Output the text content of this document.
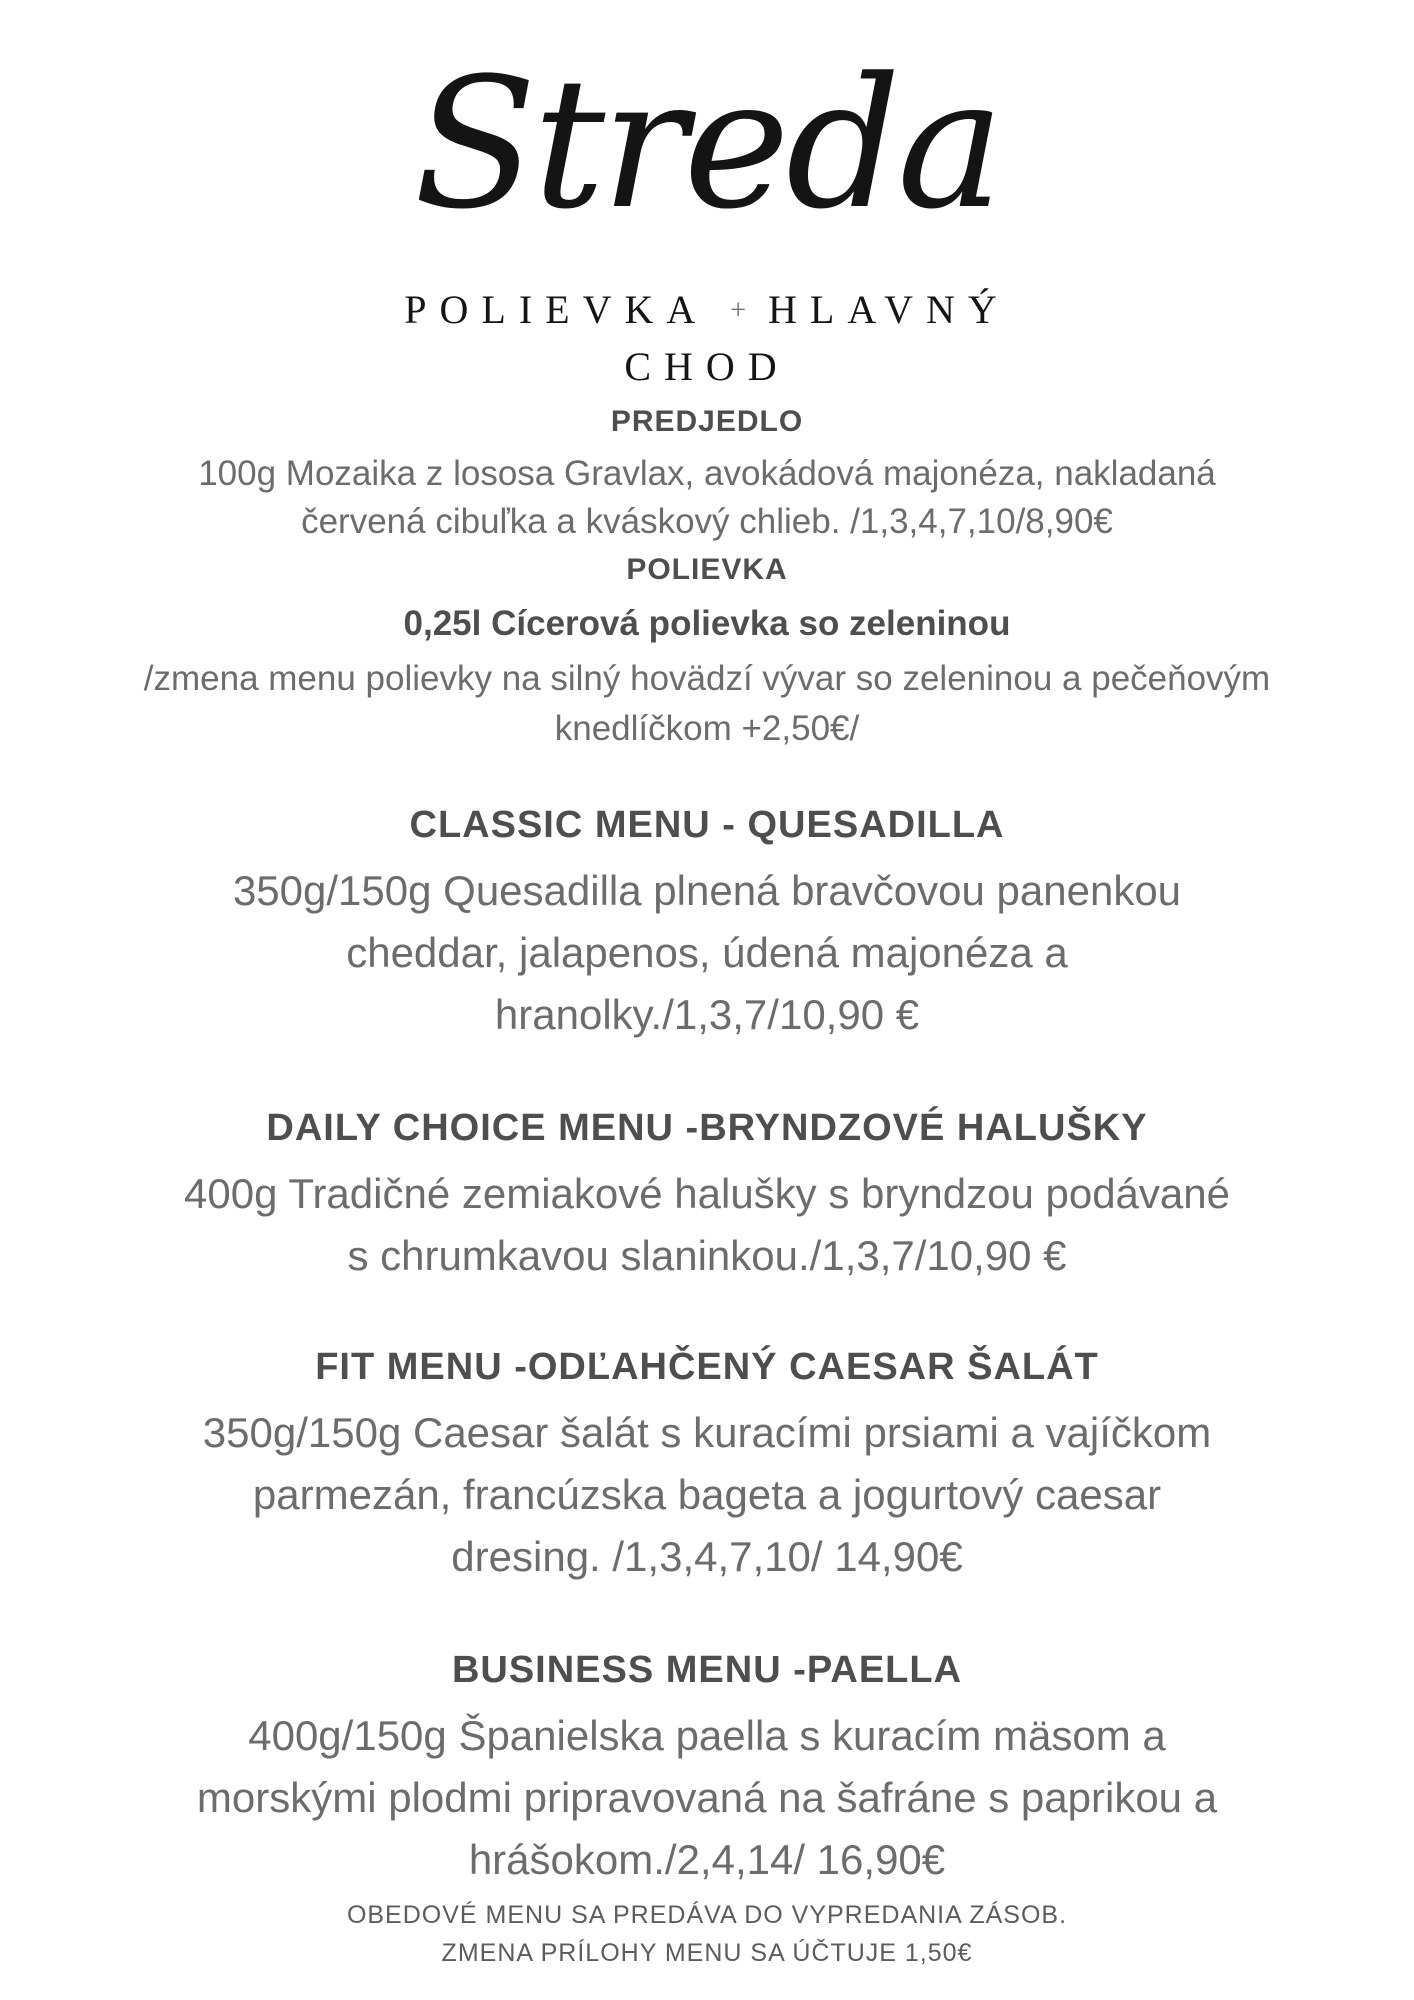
Streda
POLIEVKA + HLAVNÝ
CHOD
PREDJEDLO
100g Mozaika z lososa Gravlax, avokádová majonéza, nakladaná
červená cibuľka a kváskový chlieb. /1,3,4,7,10/8,90€
POLIEVKA
0,25l Cícerová polievka so zeleninou
/zmena menu polievky na silný hovädzí vývar so zeleninou a pečeňovým
knedlíčkom +2,50€/
CLASSIC MENU - QUESADILLA
350g/150g Quesadilla plnená bravčovou panenkou
cheddar, jalapenos, údená majonéza a
hranolky./1,3,7/10,90 €
DAILY CHOICE MENU -BRYNDZOVÉ HALUŠKY
400g Tradičné zemiakové halušky s bryndzou podávané
s chrumkavou slaninkou./1,3,7/10,90 €
FIT MENU -ODĽAHČENÝ CAESAR ŠALÁT
350g/150g Caesar šalát s kuracími prsiami a vajíčkom
parmezán, francúzska bageta a jogurtový caesar
dresing. /1,3,4,7,10/ 14,90€
BUSINESS MENU -PAELLA
400g/150g Španielska paella s kuracím mäsom a
morskými plodmi pripravovaná na šafráne s paprikou a
hrášokom./2,4,14/ 16,90€
OBEDOVÉ MENU SA PREDÁVA DO VYPREDANIA ZÁSOB.
ZMENA PRÍLOHY MENU SA ÚČTUJE 1,50€
